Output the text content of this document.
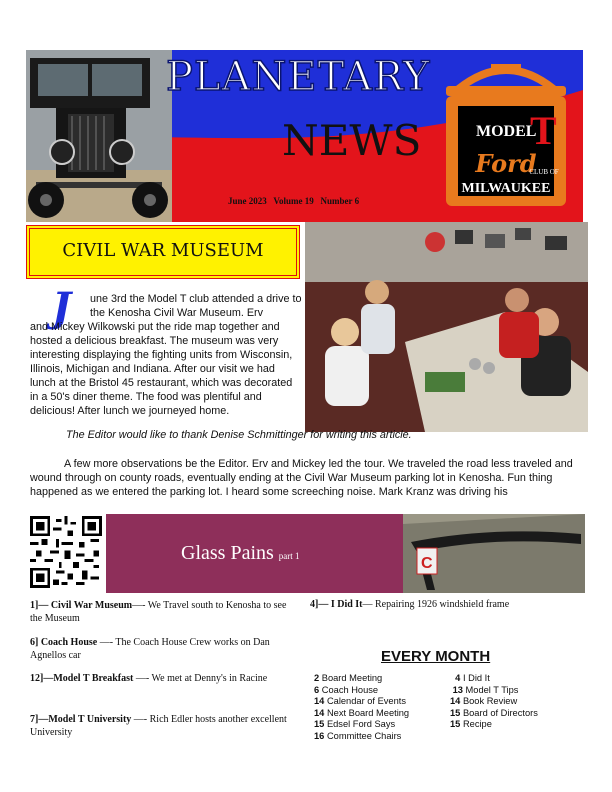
PLANETARY
NEWS
June 2023   Volume 19   Number 6
MODEL
T
Ford
CLUB OF
MILWAUKEE
CIVIL WAR MUSEUM
J une 3rd the Model T club attended a drive to the Kenosha Civil War Museum. Erv
and Mickey Wilkowski put the ride map together and hosted a delicious breakfast. The museum was very interesting displaying the fighting units from Wisconsin, Illinois, Michigan and Indiana. After our visit we had lunch at the Bristol 45 restaurant, which was decorated in a 50's diner theme. The food was plentiful and delicious! After lunch we journeyed home.
The Editor would like to thank Denise Schmittinger for writing this article.
A few more observations be the Editor. Erv and Mickey led the tour. We traveled the road less traveled and wound through on county roads, eventually ending at the Civil War Museum parking lot in Kenosha. Fun thing happened as we entered the parking lot. I heard some screeching noise. Mark Kranz was driving his
Glass Pains part 1	C
1]— Civil War Museum—- We Travel south to Kenosha to see the Museum
6] Coach House —- The Coach House Crew works on Dan Agnellos car
12]—Model T Breakfast —- We met at Denny's in Racine
7]—Model T University —- Rich Edler hosts another excellent University
4]— I Did It— Repairing 1926 windshield frame
EVERY MONTH
2 Board Meeting
6 Coach House
14 Calendar of Events
14 Next Board Meeting
15 Edsel Ford Says
16 Committee Chairs
4 I Did It
13 Model T Tips
14 Book Review
15 Board of Directors
15 Recipe
